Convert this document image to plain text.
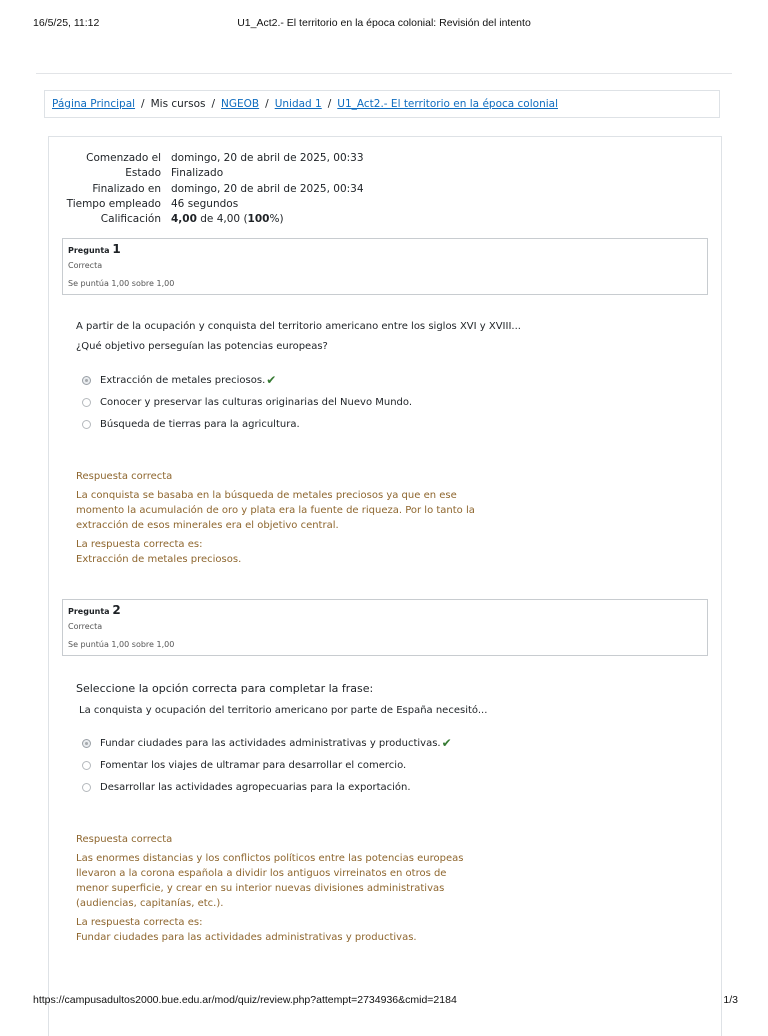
16/5/25, 11:12	U1_Act2.- El territorio en la época colonial: Revisión del intento
Página Principal / Mis cursos / NGEOB / Unidad 1 / U1_Act2.- El territorio en la época colonial
Comenzado el domingo, 20 de abril de 2025, 00:33
Estado Finalizado
Finalizado en domingo, 20 de abril de 2025, 00:34
Tiempo empleado 46 segundos
Calificación 4,00 de 4,00 (100%)
Pregunta 1
Correcta
Se puntúa 1,00 sobre 1,00
A partir de la ocupación y conquista del territorio americano entre los siglos XVI y XVIII...
¿Qué objetivo perseguían las potencias europeas?
Extracción de metales preciosos. ✔
Conocer y preservar las culturas originarias del Nuevo Mundo.
Búsqueda de tierras para la agricultura.

Respuesta correcta

La conquista se basaba en la búsqueda de metales preciosos ya que en ese

momento la acumulación de oro y plata era la fuente de riqueza. Por lo tanto la

extracción de esos minerales era el objetivo central.

La respuesta correcta es:

Extracción de metales preciosos.

Pregunta 2
Correcta
Se puntúa 1,00 sobre 1,00
Seleccione la opción correcta para completar la frase:
La conquista y ocupación del territorio americano por parte de España necesitó...
Fundar ciudades para las actividades administrativas y productivas. ✔
Fomentar los viajes de ultramar para desarrollar el comercio.
Desarrollar las actividades agropecuarias para la exportación.

Respuesta correcta

Las enormes distancias y los conflictos políticos entre las potencias europeas

llevaron a la corona española a dividir los antiguos virreinatos en otros de

menor superficie, y crear en su interior nuevas divisiones administrativas

(audiencias, capitanías, etc.).

La respuesta correcta es:

Fundar ciudades para las actividades administrativas y productivas.

https://campusadultos2000.bue.edu.ar/mod/quiz/review.php?attempt=2734936&cmid=2184	1/3
